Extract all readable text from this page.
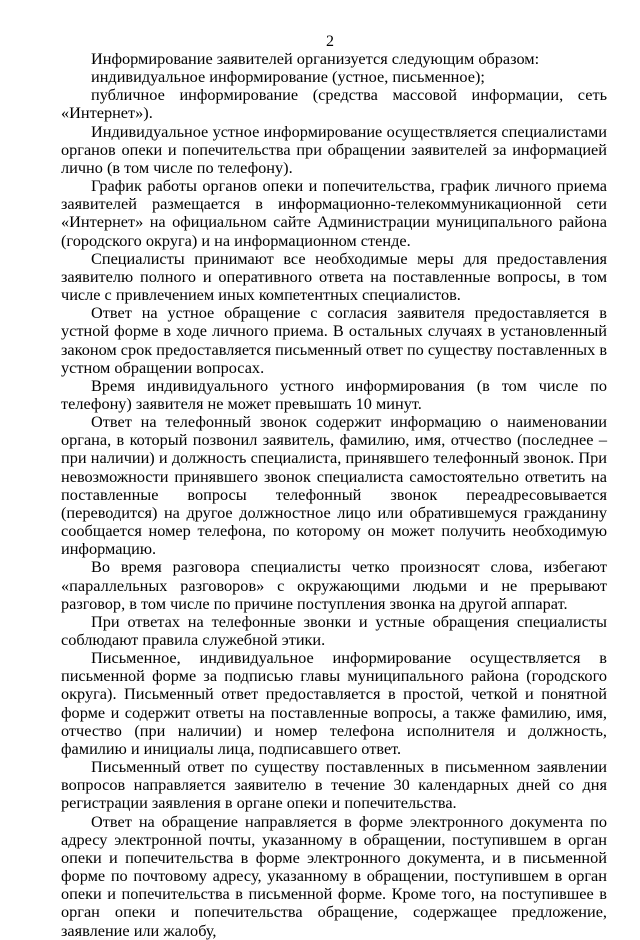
2

Информирование заявителей организуется следующим образом:

индивидуальное информирование (устное, письменное);

публичное информирование (средства массовой информации, сеть «Интернет»).

Индивидуальное устное информирование осуществляется специалистами органов опеки и попечительства при обращении заявителей за информацией лично (в том числе по телефону).

График работы органов опеки и попечительства, график личного приема заявителей размещается в информационно-телекоммуникационной сети «Интернет» на официальном сайте Администрации муниципального района (городского округа) и на информационном стенде.

Специалисты принимают все необходимые меры для предоставления заявителю полного и оперативного ответа на поставленные вопросы, в том числе с привлечением иных компетентных специалистов.

Ответ на устное обращение с согласия заявителя предоставляется в устной форме в ходе личного приема. В остальных случаях в установленный законом срок предоставляется письменный ответ по существу поставленных в устном обращении вопросах.

Время индивидуального устного информирования (в том числе по телефону) заявителя не может превышать 10 минут.

Ответ на телефонный звонок содержит информацию о наименовании органа, в который позвонил заявитель, фамилию, имя, отчество (последнее – при наличии) и должность специалиста, принявшего телефонный звонок. При невозможности принявшего звонок специалиста самостоятельно ответить на поставленные вопросы телефонный звонок переадресовывается (переводится) на другое должностное лицо или обратившемуся гражданину сообщается номер телефона, по которому он может получить необходимую информацию.

Во время разговора специалисты четко произносят слова, избегают «параллельных разговоров» с окружающими людьми и не прерывают разговор, в том числе по причине поступления звонка на другой аппарат.

При ответах на телефонные звонки и устные обращения специалисты соблюдают правила служебной этики.

Письменное, индивидуальное информирование осуществляется в письменной форме за подписью главы муниципального района (городского округа). Письменный ответ предоставляется в простой, четкой и понятной форме и содержит ответы на поставленные вопросы, а также фамилию, имя, отчество (при наличии) и номер телефона исполнителя и должность, фамилию и инициалы лица, подписавшего ответ.

Письменный ответ по существу поставленных в письменном заявлении вопросов направляется заявителю в течение 30 календарных дней со дня регистрации заявления в органе опеки и попечительства.

Ответ на обращение направляется в форме электронного документа по адресу электронной почты, указанному в обращении, поступившем в орган опеки и попечительства в форме электронного документа, и в письменной форме по почтовому адресу, указанному в обращении, поступившем в орган опеки и попечительства в письменной форме. Кроме того, на поступившее в орган опеки и попечительства обращение, содержащее предложение, заявление или жалобу,
